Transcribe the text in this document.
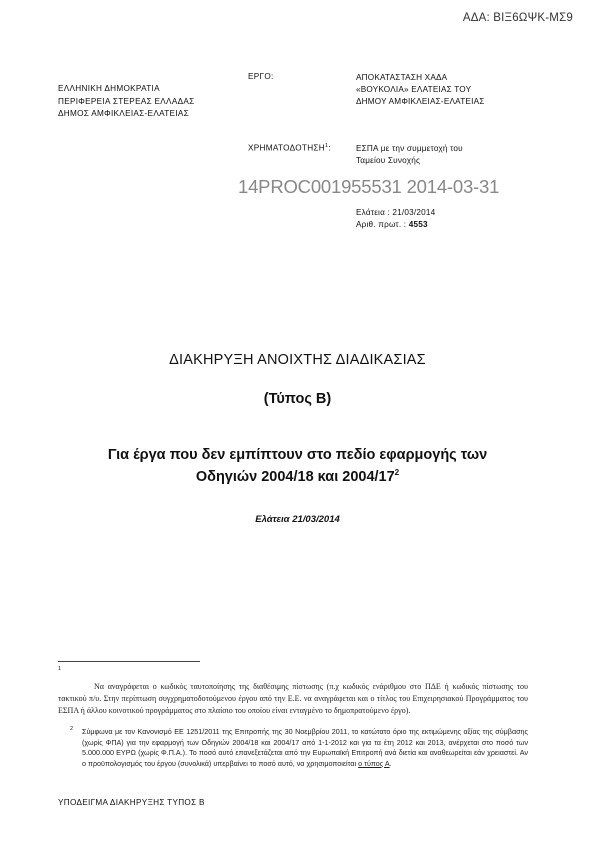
ΑΔΑ: ΒΙΞ6ΩΨΚ-ΜΣ9
ΕΛΛΗΝΙΚΗ ΔΗΜΟΚΡΑΤΙΑ
ΠΕΡΙΦΕΡΕΙΑ ΣΤΕΡΕΑΣ ΕΛΛΑΔΑΣ
ΔΗΜΟΣ ΑΜΦΙΚΛΕΙΑΣ-ΕΛΑΤΕΙΑΣ
ΕΡΓΟ:	ΑΠΟΚΑΤΑΣΤΑΣΗ ΧΑΔΑ
«ΒΟΥΚΟΛΙΑ» ΕΛΑΤΕΙΑΣ ΤΟΥ
ΔΗΜΟΥ ΑΜΦΙΚΛΕΙΑΣ-ΕΛΑΤΕΙΑΣ
ΧΡΗΜΑΤΟΔΟΤΗΣΗ$^1$:	ΕΣΠΑ με την συμμετοχή του
Ταμείου Συνοχής
14PROC001955531 2014-03-31
Ελάτεια : 21/03/2014
Αριθ. πρωτ. : 4553
ΔΙΑΚΗΡΥΞΗ ΑΝΟΙΧΤΗΣ ΔΙΑΔΙΚΑΣΙΑΣ
(Τύπος Β)
Για έργα που δεν εμπίπτουν στο πεδίο εφαρμογής των
Οδηγιών 2004/18 και $2004/17^2$
Ελάτεια 21/03/2014
1
Να αναγράφεται ο κωδικός ταυτοποίησης της διαθέσιμης πίστωσης (π.χ κωδικός ενάριθμου στο ΠΔΕ ή κωδικός πίστωσης του τακτικού π/υ. Στην περίπτωση συγχρηματοδοτούμενου έργου από την Ε.Ε. να αναγράφεται και ο τίτλος του Επιχειρησιακού Προγράμματος του ΕΣΠΑ ή άλλου κοινοτικού προγράμματος στο πλαίσιο του οποίου είναι ενταγμένο το δημοπρατούμενο έργο).
2 Σύμφωνα με τον Κανονισμό ΕΕ 1251/2011 της Επιτροπής της 30 Νοεμβρίου 2011, το κατώτατο όριο της εκτιμώμενης αξίας της σύμβασης (χωρίς ΦΠΑ) για την εφαρμογή των Οδηγιών 2004/18 και 2004/17 από 1-1-2012 και για τα έτη 2012 και 2013, ανέρχεται στο ποσό των 5.000.000 ΕΥΡΩ (χωρίς Φ.Π.Α.). Το ποσό αυτό επανεξετάζεται από την Ευρωπαϊκή Επιτροπή ανά διετία και αναθεωρείται εάν χρειαστεί. Αν ο προϋπολογισμός του έργου (συνολικά) υπερβαίνει το ποσό αυτό, να χρησιμοποιείται ο τύπος Α.
ΥΠΟΔΕΙΓΜΑ ΔΙΑΚΗΡΥΞΗΣ ΤΥΠΟΣ Β
